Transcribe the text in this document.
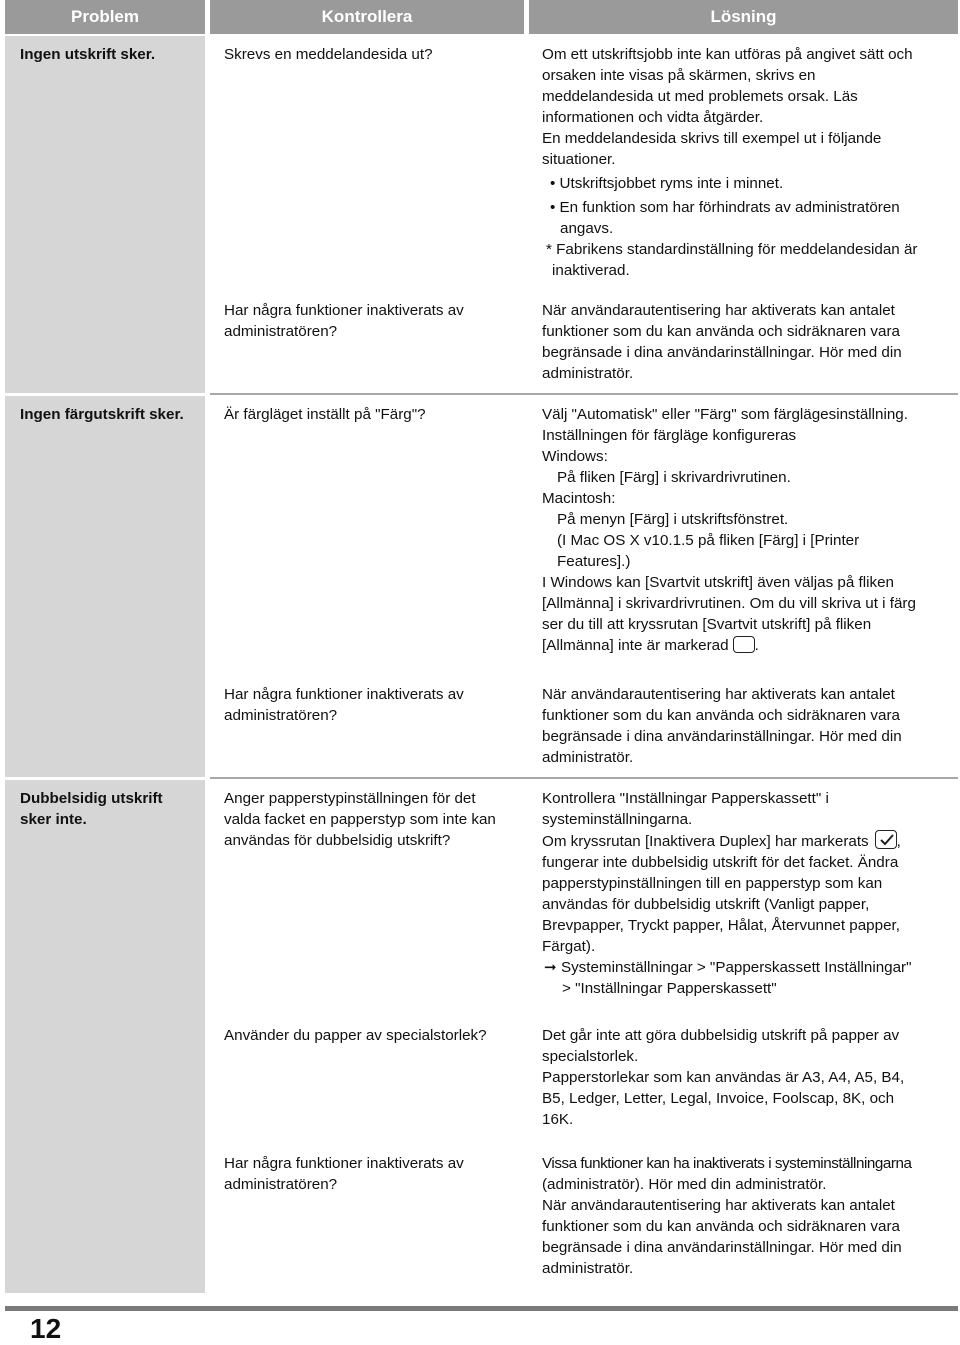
Problem	Kontrollera	Lösning
Ingen utskrift sker.
Ingen färgutskrift sker.
Dubbelsidig utskrift
sker inte.
Skrevs en meddelandesida ut?
Har några funktioner inaktiverats av
administratören?
Är färgläget inställt på "Färg"?
Har några funktioner inaktiverats av
administratören?
Anger papperstypinställningen för det
valda facket en papperstyp som inte kan
användas för dubbelsidig utskrift?
Använder du papper av specialstorlek?
Har några funktioner inaktiverats av
administratören?
Om ett utskriftsjobb inte kan utföras på angivet sätt och
orsaken inte visas på skärmen, skrivs en
meddelandesida ut med problemets orsak. Läs
informationen och vidta åtgärder.
En meddelandesida skrivs till exempel ut i följande
situationer.
• Utskriftsjobbet ryms inte i minnet.
• En funktion som har förhindrats av administratören
angavs.
* Fabrikens standardinställning för meddelandesidan är
inaktiverad.
När användarautentisering har aktiverats kan antalet
funktioner som du kan använda och sidräknaren vara
begränsade i dina användarinställningar. Hör med din
administratör.
Välj "Automatisk" eller "Färg" som färglägesinställning.
Inställningen för färgläge konfigureras
Windows:
På fliken [Färg] i skrivardrivrutinen.
Macintosh:
På menyn [Färg] i utskriftsfönstret.
(I Mac OS X v10.1.5 på fliken [Färg] i [Printer
Features].)
I Windows kan [Svartvit utskrift] även väljas på fliken
[Allmänna] i skrivardrivrutinen. Om du vill skriva ut i färg
ser du till att kryssrutan [Svartvit utskrift] på fliken
[Allmänna] inte är markerad .
När användarautentisering har aktiverats kan antalet
funktioner som du kan använda och sidräknaren vara
begränsade i dina användarinställningar. Hör med din
administratör.
Kontrollera "Inställningar Papperskassett" i
systeminställningarna.
Om kryssrutan [Inaktivera Duplex] har markerats ,
fungerar inte dubbelsidig utskrift för det facket. Ändra
papperstypinställningen till en papperstyp som kan
användas för dubbelsidig utskrift (Vanligt papper,
Brevpapper, Tryckt papper, Hålat, Återvunnet papper,
Färgat).
➞ Systeminställningar > "Papperskassett Inställningar"
> "Inställningar Papperskassett"
Det går inte att göra dubbelsidig utskrift på papper av
specialstorlek.
Papperstorlekar som kan användas är A3, A4, A5, B4,
B5, Ledger, Letter, Legal, Invoice, Foolscap, 8K, och
16K.
Vissa funktioner kan ha inaktiverats i systeminställningarna
(administratör). Hör med din administratör.
När användarautentisering har aktiverats kan antalet
funktioner som du kan använda och sidräknaren vara
begränsade i dina användarinställningar. Hör med din
administratör.
12
